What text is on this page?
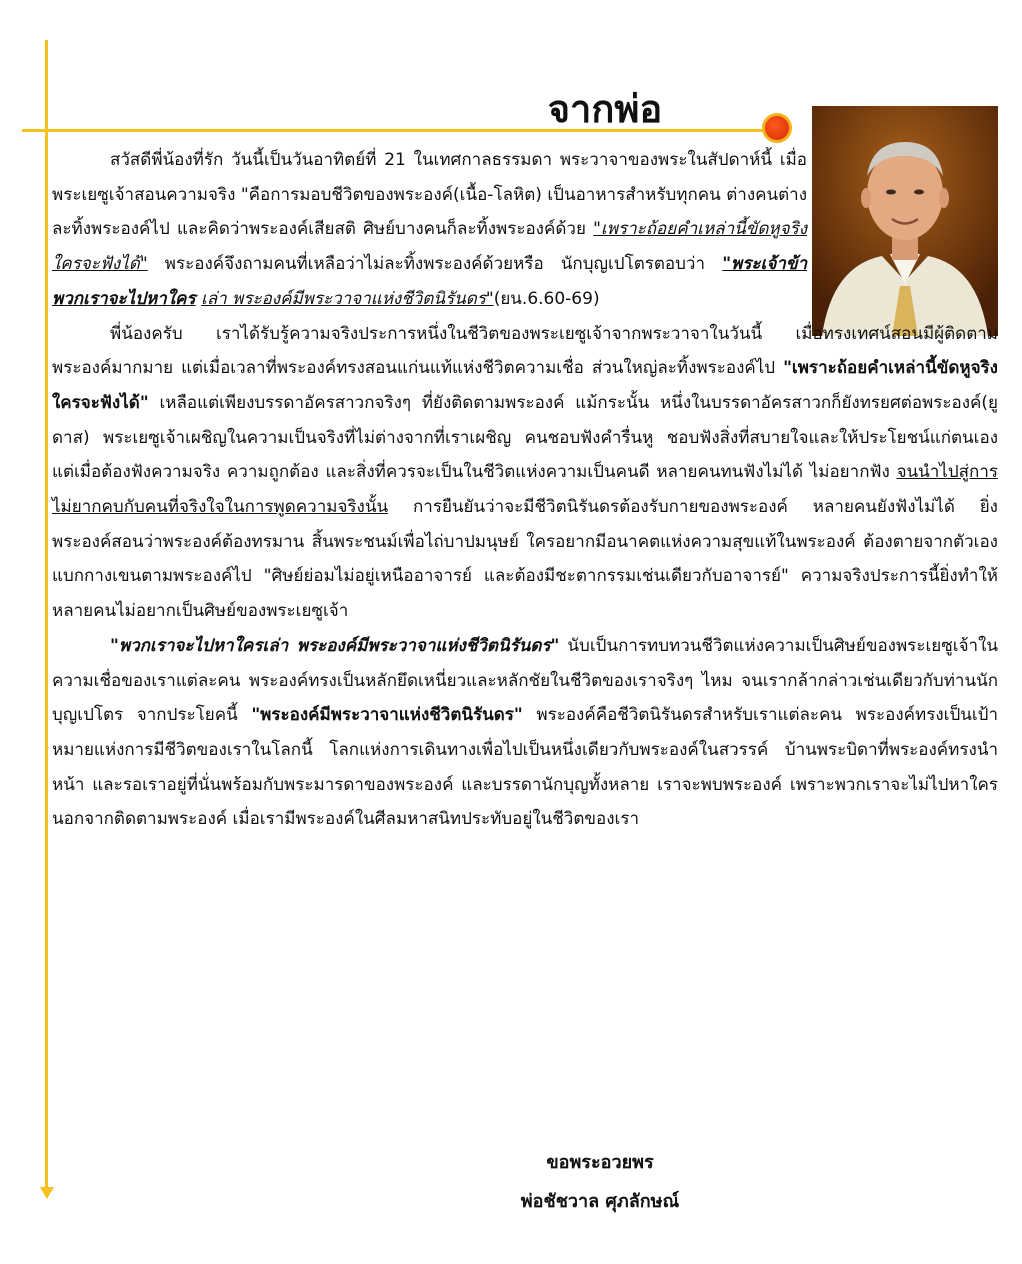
จากพ่อ

สวัสดีพี่น้องที่รัก วันนี้เป็นวันอาทิตย์ที่ 21 ในเทศกาลธรรมดา พระวาจาของพระในสัปดาห์นี้ เมื่อพระเยซูเจ้าสอนความจริง "คือการมอบชีวิตของพระองค์(เนื้อ-โลหิต) เป็นอาหารสำหรับทุกคน ต่างคนต่างละทิ้งพระองค์ไป และคิดว่าพระองค์เสียสติ ศิษย์บางคนก็ละทิ้งพระองค์ด้วย "เพราะถ้อยคำเหล่านี้ขัดหูจริง ใครจะฟังได้" พระองค์จึงถามคนที่เหลือว่าไม่ละทิ้งพระองค์ด้วยหรือ นักบุญเปโตรตอบว่า "พระเจ้าข้า พวกเราจะไปหาใคร เล่า พระองค์มีพระวาจาแห่งชีวิตนิรันดร"(ยน.6.60-69)

พี่น้องครับ เราได้รับรู้ความจริงประการหนึ่งในชีวิตของพระเยซูเจ้าจากพระวาจาในวันนี้ เมื่อทรงเทศน์สอนมีผู้ติดตามพระองค์มากมาย แต่เมื่อเวลาที่พระองค์ทรงสอนแก่นแท้แห่งชีวิตความเชื่อ ส่วนใหญ่ละทิ้งพระองค์ไป "เพราะถ้อยคำเหล่านี้ขัดหูจริง ใครจะฟังได้" เหลือแต่เพียงบรรดาอัครสาวกจริงๆ ที่ยังติดตามพระองค์ แม้กระนั้น หนึ่งในบรรดาอัครสาวกก็ยังทรยศต่อพระองค์(ยูดาส) พระเยซูเจ้าเผชิญในความเป็นจริงที่ไม่ต่างจากที่เราเผชิญ คนชอบฟังคำรื่นหู ชอบฟังสิ่งที่สบายใจและให้ประโยชน์แก่ตนเอง แต่เมื่อต้องฟังความจริง ความถูกต้อง และสิ่งที่ควรจะเป็นในชีวิตแห่งความเป็นคนดี หลายคนทนฟังไม่ได้ ไม่อยากฟัง จนนำไปสู่การไม่ยากคบกับคนที่จริงใจในการพูดความจริงนั้น การยืนยันว่าจะมีชีวิตนิรันดรต้องรับกายของพระองค์ หลายคนยังฟังไม่ได้ ยิ่งพระองค์สอนว่าพระองค์ต้องทรมาน สิ้นพระชนม์เพื่อไถ่บาปมนุษย์ ใครอยากมีอนาคตแห่งความสุขแท้ในพระองค์ ต้องตายจากตัวเอง แบกกางเขนตามพระองค์ไป "ศิษย์ย่อมไม่อยู่เหนืออาจารย์ และต้องมีชะตากรรมเช่นเดียวกับอาจารย์" ความจริงประการนี้ยิ่งทำให้หลายคนไม่อยากเป็นศิษย์ของพระเยซูเจ้า

"พวกเราจะไปหาใครเล่า พระองค์มีพระวาจาแห่งชีวิตนิรันดร" นับเป็นการทบทวนชีวิตแห่งความเป็นศิษย์ของพระเยซูเจ้าในความเชื่อของเราแต่ละคน พระองค์ทรงเป็นหลักยึดเหนี่ยวและหลักชัยในชีวิตของเราจริงๆ ไหม จนเรากล้ากล่าวเช่นเดียวกับท่านนักบุญเปโตร จากประโยคนี้ "พระองค์มีพระวาจาแห่งชีวิตนิรันดร" พระองค์คือชีวิตนิรันดรสำหรับเราแต่ละคน พระองค์ทรงเป็นเป้าหมายแห่งการมีชีวิตของเราในโลกนี้ โลกแห่งการเดินทางเพื่อไปเป็นหนึ่งเดียวกับพระองค์ในสวรรค์ บ้านพระบิดาที่พระองค์ทรงนำหน้า และรอเราอยู่ที่นั่นพร้อมกับพระมารดาของพระองค์ และบรรดานักบุญทั้งหลาย เราจะพบพระองค์ เพราะพวกเราจะไม่ไปหาใคร นอกจากติดตามพระองค์ เมื่อเรามีพระองค์ในศีลมหาสนิทประทับอยู่ในชีวิตของเรา

ขอพระอวยพร
พ่อชัชวาล ศุภลักษณ์
